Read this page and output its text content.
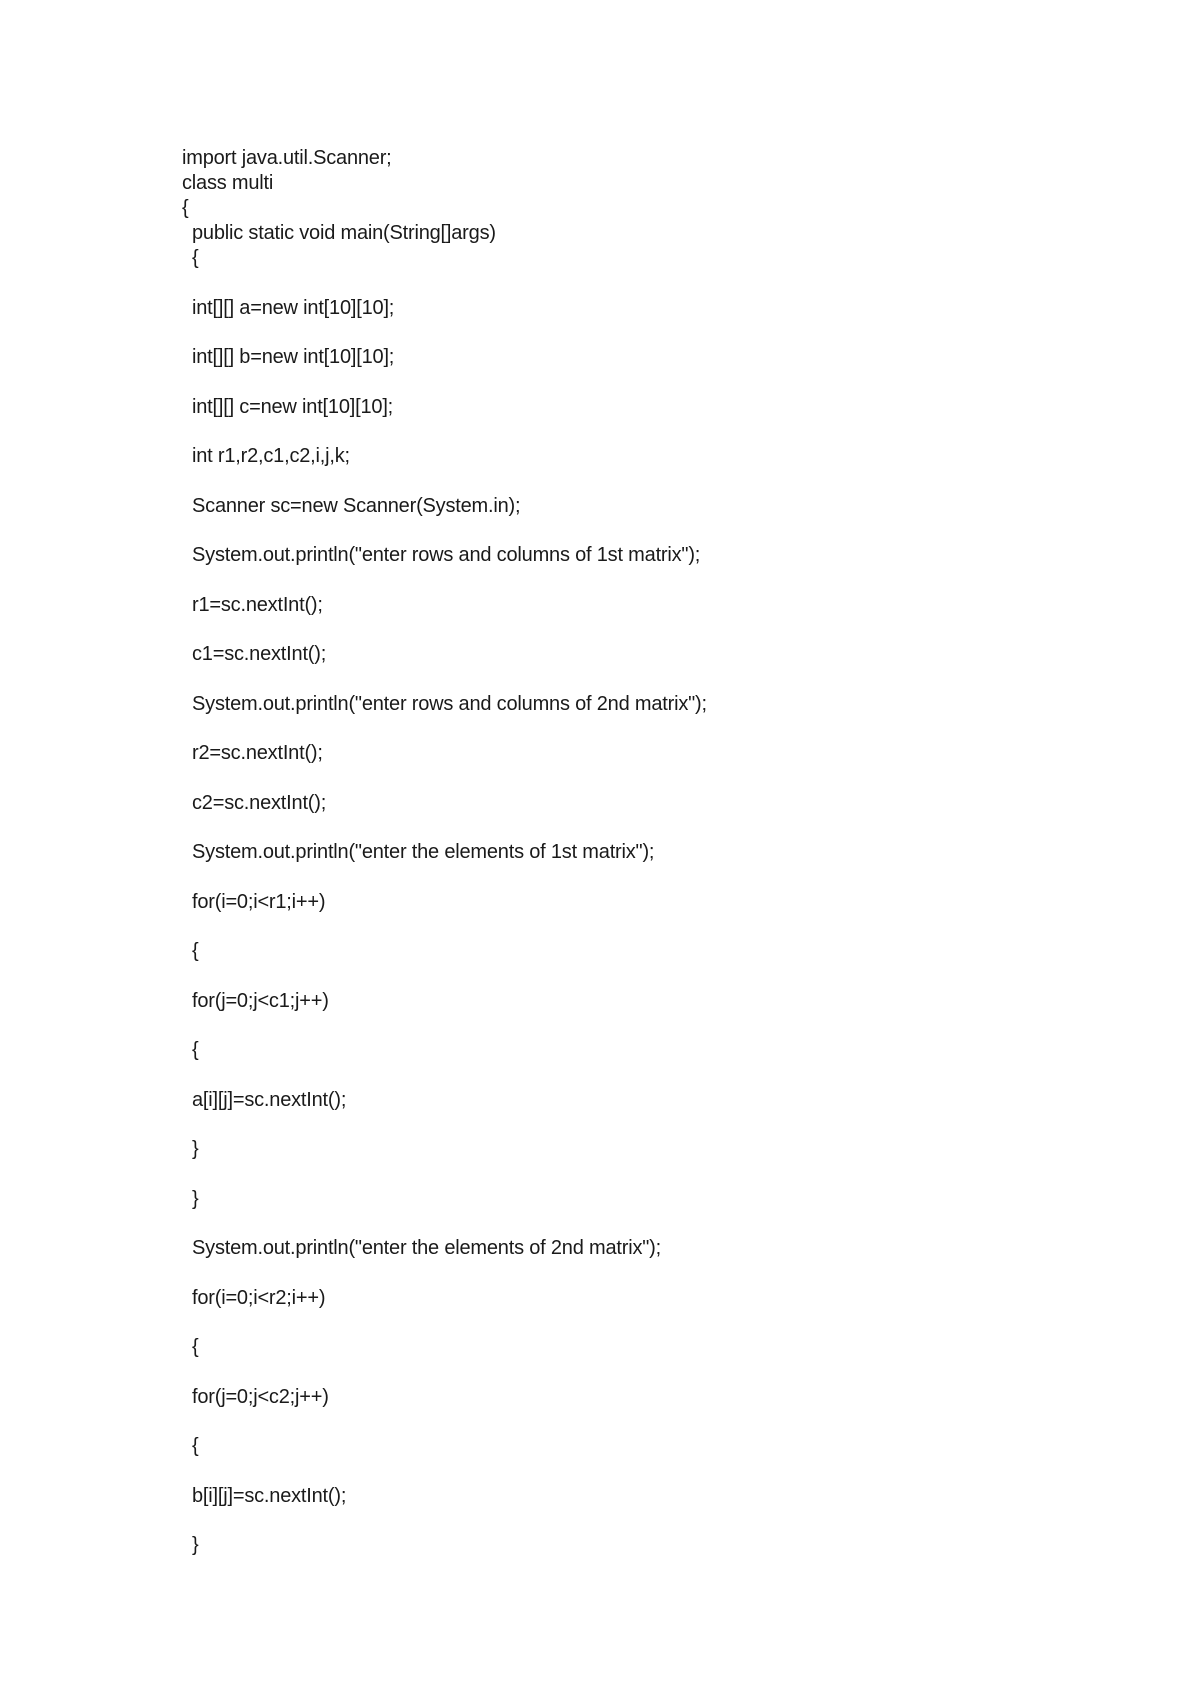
import java.util.Scanner;

class multi

{

public static void main(String[]args)

{

int[][] a=new int[10][10];

int[][] b=new int[10][10];

int[][] c=new int[10][10];

int r1,r2,c1,c2,i,j,k;

Scanner sc=new Scanner(System.in);

System.out.println("enter rows and columns of 1st matrix");

r1=sc.nextInt();

c1=sc.nextInt();

System.out.println("enter rows and columns of 2nd matrix");

r2=sc.nextInt();

c2=sc.nextInt();

System.out.println("enter the elements of 1st matrix");

for(i=0;i<r1;i++)

{

for(j=0;j<c1;j++)

{

a[i][j]=sc.nextInt();

}

}

System.out.println("enter the elements of 2nd matrix");

for(i=0;i<r2;i++)

{

for(j=0;j<c2;j++)

{

b[i][j]=sc.nextInt();

}
